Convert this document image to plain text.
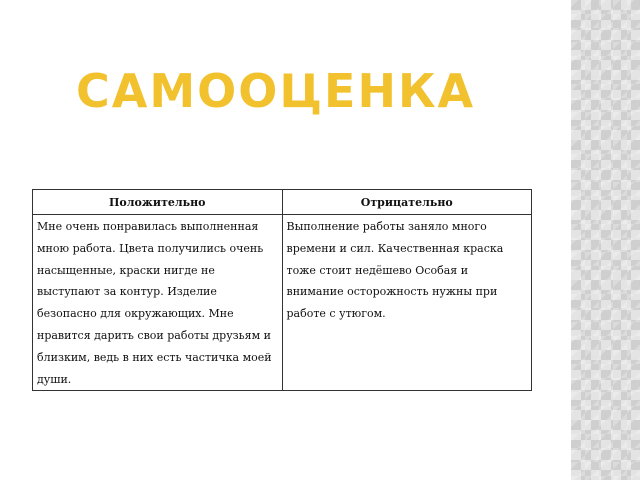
САМООЦЕНКА
Положительно	Отрицательно

Мне очень понравилась выполненная мною работа. Цвета получились очень насыщенные, краски нигде не выступают за контур. Изделие безопасно для окружающих. Мне нравится дарить свои работы друзьям и близким, ведь в них есть частичка моей души.	Выполнение работы заняло много времени и сил. Качественная краска тоже стоит недёшево Особая и внимание осторожность нужны при работе с утюгом.
